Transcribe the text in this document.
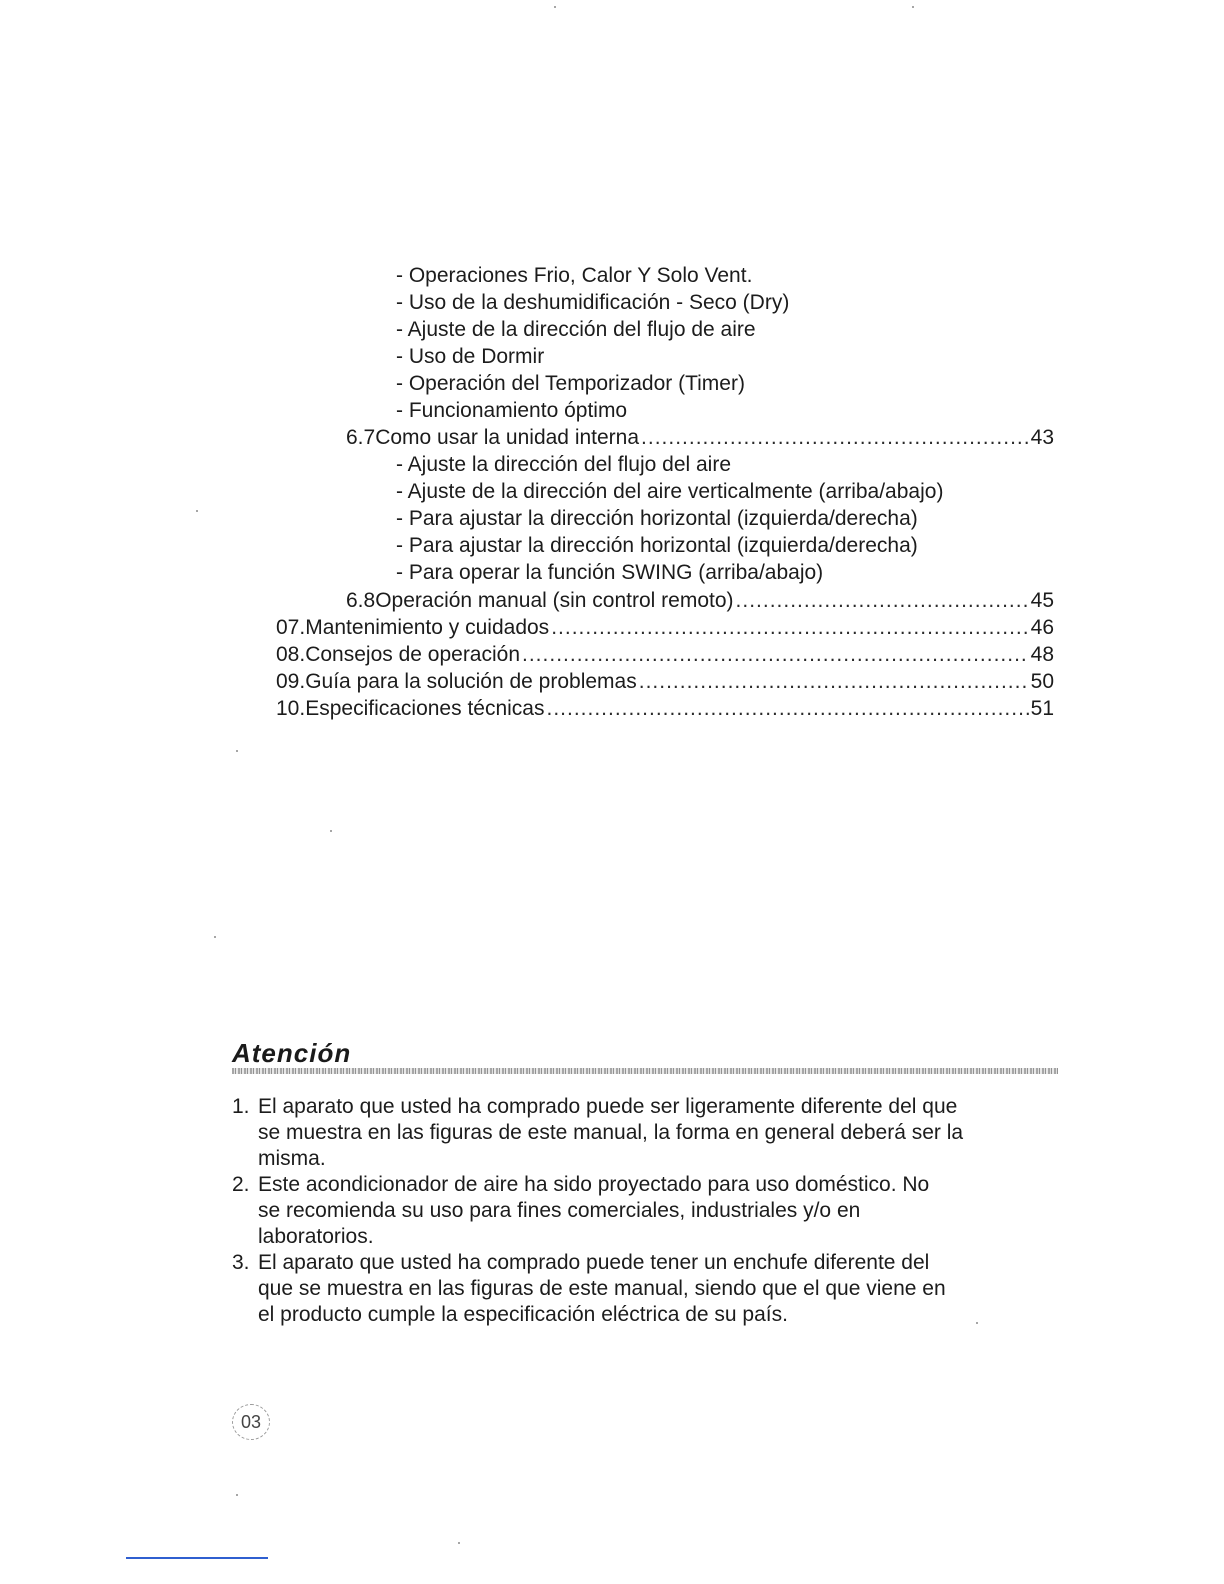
- Operaciones Frio, Calor Y Solo Vent.
- Uso de la deshumidificación - Seco (Dry)
- Ajuste de la dirección del flujo de aire
- Uso de Dormir
- Operación del Temporizador (Timer)
- Funcionamiento óptimo
6.7 Como usar la unidad interna .....	43
- Ajuste la dirección del flujo del aire
- Ajuste de la dirección del aire verticalmente (arriba/abajo)
- Para ajustar la dirección horizontal (izquierda/derecha)
- Para ajustar la dirección horizontal (izquierda/derecha)
- Para operar la función SWING (arriba/abajo)
6.8 Operación manual (sin control remoto) .....	45
07. Mantenimiento y cuidados .....	46
08. Consejos de operación .....	48
09. Guía para la solución de problemas .....	50
10. Especificaciones técnicas .....	51
Atención
1. El aparato que usted ha comprado puede ser ligeramente diferente del que
se muestra en las figuras de este manual, la forma en general deberá ser la
misma.
2. Este acondicionador de aire ha sido proyectado para uso doméstico. No
se recomienda su uso para fines comerciales, industriales y/o en
laboratorios.
3. El aparato que usted ha comprado puede tener un enchufe diferente del
que se muestra en las figuras de este manual, siendo que el que viene en
el producto cumple la especificación eléctrica de su país.
03
